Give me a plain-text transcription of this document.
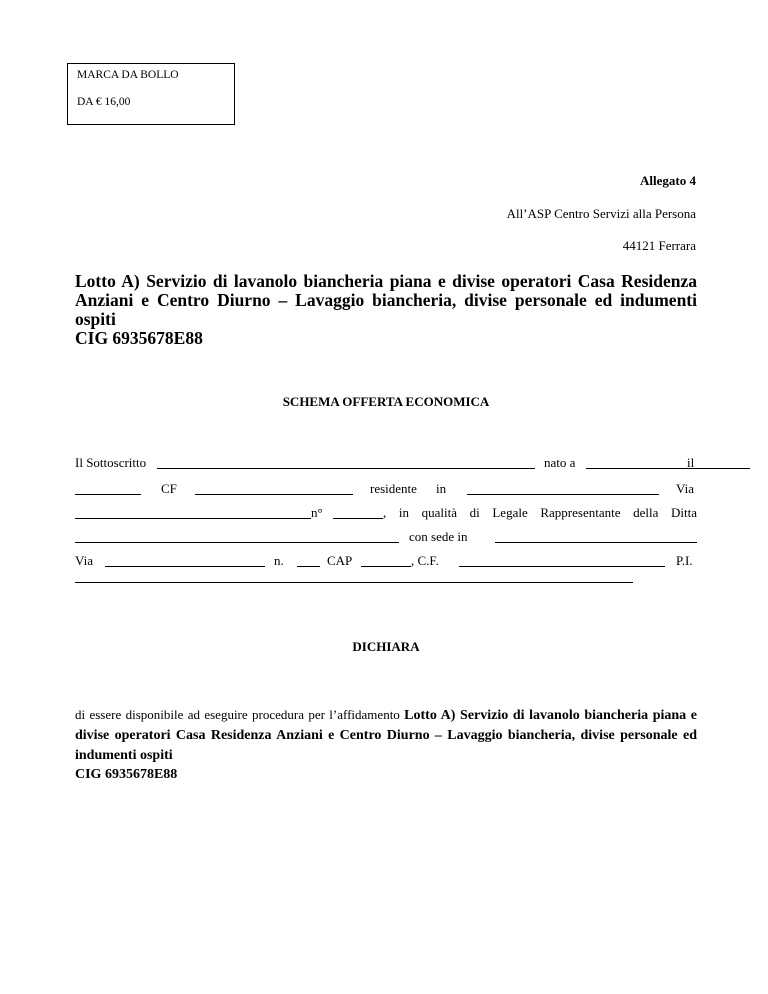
MARCA DA BOLLO
DA € 16,00
Allegato 4
All’ASP Centro Servizi alla Persona
44121 Ferrara
Lotto A) Servizio di lavanolo biancheria piana e divise operatori Casa Residenza Anziani e Centro Diurno – Lavaggio biancheria, divise personale ed indumenti ospiti
CIG 6935678E88
SCHEMA OFFERTA ECONOMICA
Il Sottoscritto	nato a	il
CF	residente in	Via
n°	, in qualità di Legale Rappresentante della Ditta
con sede in
Via	n.	CAP	, C.F.	P.I.
DICHIARA
di essere disponibile ad eseguire procedura per l’affidamento Lotto A) Servizio di lavanolo biancheria piana e divise operatori Casa Residenza Anziani e Centro Diurno – Lavaggio biancheria, divise personale ed indumenti ospiti
CIG 6935678E88
